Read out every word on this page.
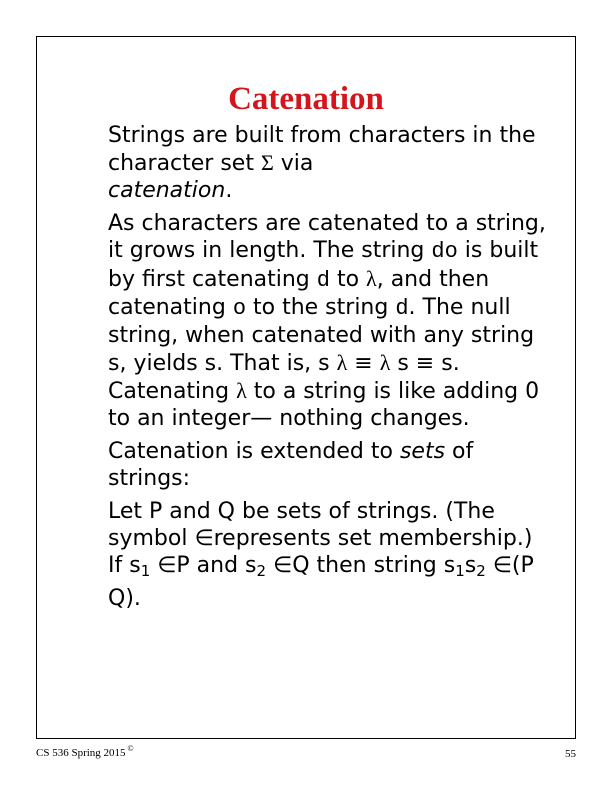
Catenation

Strings are built from characters in the character set Σ via
catenation.

As characters are catenated to a string, it grows in length. The string do is built by first catenating d to λ, and then catenating o to the string d. The null string, when catenated with any string s, yields s. That is, s λ ≡ λ s ≡ s. Catenating λ to a string is like adding 0 to an integer— nothing changes.

Catenation is extended to sets of strings:

Let P and Q be sets of strings. (The symbol ∈represents set membership.) If $s_1$ ∈P and $s_2$ ∈Q then string $s_1s_2$ ∈(P Q).

CS 536 Spring 2015 ©	55
